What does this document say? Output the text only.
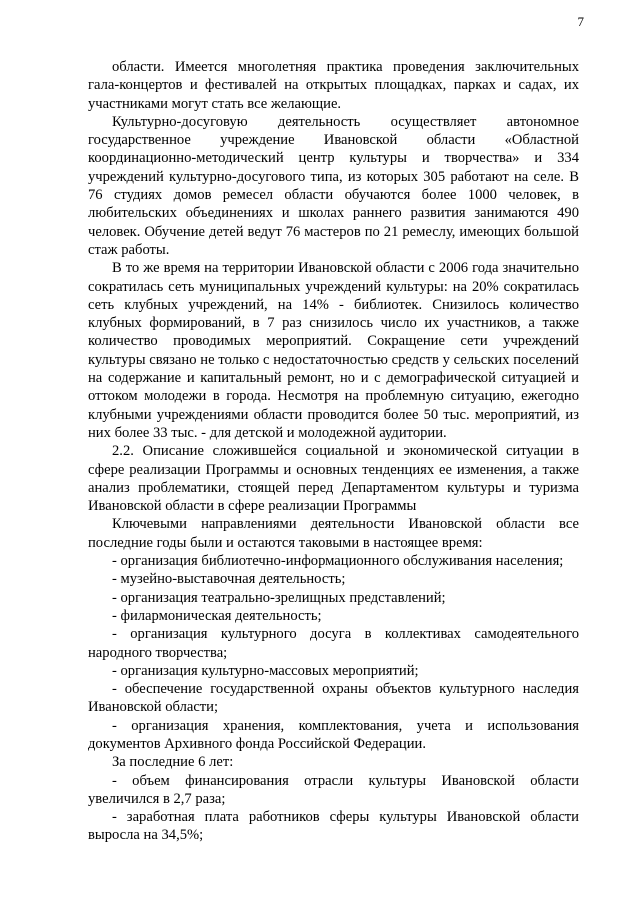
7

области. Имеется многолетняя практика проведения заключительных гала-концертов и фестивалей на открытых площадках, парках и садах, их участниками могут стать все желающие.

Культурно-досуговую деятельность осуществляет автономное государственное учреждение Ивановской области «Областной координационно-методический центр культуры и творчества» и 334 учреждений культурно-досугового типа, из которых 305 работают на селе. В 76 студиях домов ремесел области обучаются более 1000 человек, в любительских объединениях и школах раннего развития занимаются 490 человек. Обучение детей ведут 76 мастеров по 21 ремеслу, имеющих большой стаж работы.

В то же время на территории Ивановской области с 2006 года значительно сократилась сеть муниципальных учреждений культуры: на 20% сократилась сеть клубных учреждений, на 14% - библиотек. Снизилось количество клубных формирований, в 7 раз снизилось число их участников, а также количество проводимых мероприятий. Сокращение сети учреждений культуры связано не только с недостаточностью средств у сельских поселений на содержание и капитальный ремонт, но и с демографической ситуацией и оттоком молодежи в города. Несмотря на проблемную ситуацию, ежегодно клубными учреждениями области проводится более 50 тыс. мероприятий, из них более 33 тыс. - для детской и молодежной аудитории.

2.2. Описание сложившейся социальной и экономической ситуации в сфере реализации Программы и основных тенденциях ее изменения, а также анализ проблематики, стоящей перед Департаментом культуры и туризма Ивановской области в сфере реализации Программы

Ключевыми направлениями деятельности Ивановской области все последние годы были и остаются таковыми в настоящее время:

- организация библиотечно-информационного обслуживания населения;

- музейно-выставочная деятельность;

- организация театрально-зрелищных представлений;

- филармоническая деятельность;

- организация культурного досуга в коллективах самодеятельного народного творчества;

- организация культурно-массовых мероприятий;

- обеспечение государственной охраны объектов культурного наследия Ивановской области;

- организация хранения, комплектования, учета и использования документов Архивного фонда Российской Федерации.

За последние 6 лет:

- объем финансирования отрасли культуры Ивановской области увеличился в 2,7 раза;

- заработная плата работников сферы культуры Ивановской области выросла на 34,5%;
